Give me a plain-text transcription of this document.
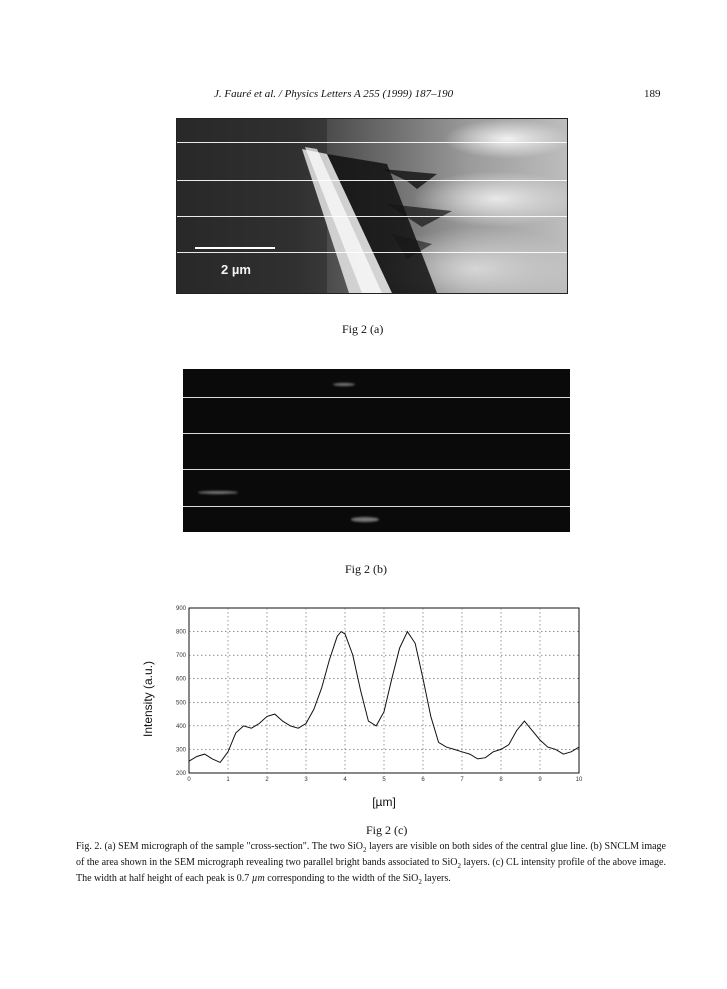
J. Fauré et al. / Physics Letters A 255 (1999) 187–190	189
2 µm
Fig 2 (a)
Fig 2 (b)
0	1	2	3	4	5	6	7	8	9	10
200
300
400
500
600
700
800
900
Intensity (a.u.)
[µm]
Fig 2 (c)
Fig. 2. (a) SEM micrograph of the sample "cross-section". The two SiO$_2$ layers are visible on both sides of the central glue line. (b) SNCLM image of the area shown in the SEM micrograph revealing two parallel bright bands associated to SiO$_2$ layers. (c) CL intensity profile of the above image. The width at half height of each peak is 0.7 µm corresponding to the width of the SiO$_2$ layers.
